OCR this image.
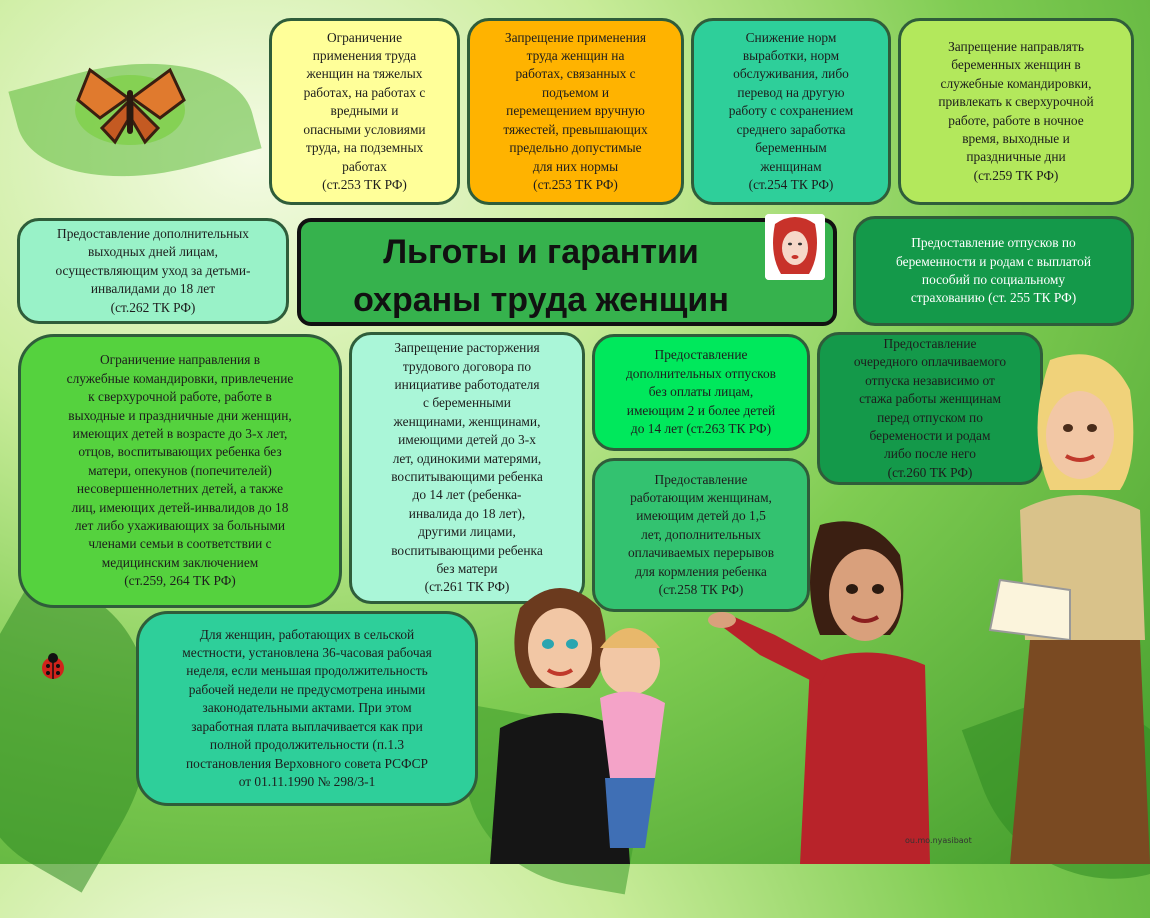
Ограничение
применения труда
женщин на тяжелых
работах, на работах с
вредными и
опасными условиями
труда, на подземных
работах
(ст.253 ТК РФ)
Запрещение применения
труда женщин на
работах, связанных с
подъемом и
перемещением вручную
тяжестей, превышающих
предельно допустимые
для них нормы
(ст.253 ТК РФ)
Снижение норм
выработки, норм
обслуживания, либо
перевод на другую
работу с сохранением
среднего заработка
беременным
женщинам
(ст.254 ТК РФ)
Запрещение направлять
беременных женщин в
служебные командировки,
привлекать к сверхурочной
работе, работе в ночное
время, выходные и
праздничные дни
(ст.259 ТК РФ)
Предоставление дополнительных
выходных дней лицам,
осуществляющим уход за детьми-
инвалидами до 18 лет
(ст.262 ТК РФ)
Льготы и гарантии
охраны труда женщин
Предоставление отпусков по
беременности и родам с выплатой
пособий по социальному
страхованию (ст. 255 ТК РФ)
Ограничение направления в
служебные командировки, привлечение
к сверхурочной работе, работе в
выходные и праздничные дни женщин,
имеющих детей в возрасте до 3-х лет,
отцов, воспитывающих ребенка без
матери, опекунов (попечителей)
несовершеннолетних детей, а также
лиц, имеющих детей-инвалидов до 18
лет либо ухаживающих за больными
членами семьи в соответствии с
медицинским заключением
(ст.259, 264 ТК РФ)
Запрещение расторжения
трудового договора по
инициативе работодателя
с беременными
женщинами, женщинами,
имеющими детей до 3-х
лет, одинокими матерями,
воспитывающими ребенка
до 14 лет (ребенка-
инвалида до 18 лет),
другими лицами,
воспитывающими ребенка
без матери
(ст.261 ТК РФ)
Предоставление
дополнительных отпусков
без оплаты лицам,
имеющим 2 и более детей
до 14 лет (ст.263 ТК РФ)
Предоставление
очередного оплачиваемого
отпуска независимо от
стажа работы женщинам
перед отпуском по
беремености и родам
либо после него
(ст.260 ТК РФ)
Предоставление
работающим женщинам,
имеющим детей до 1,5
лет, дополнительных
оплачиваемых перерывов
для кормления ребенка
(ст.258 ТК РФ)
Для женщин, работающих в сельской
местности, установлена 36-часовая рабочая
неделя, если меньшая продолжительность
рабочей недели не предусмотрена иными
законодательными актами. При этом
заработная плата выплачивается как при
полной продолжительности (п.1.3
постановления Верховного совета РСФСР
от 01.11.1990 № 298/3-1
ou.mo.nyasibaot
